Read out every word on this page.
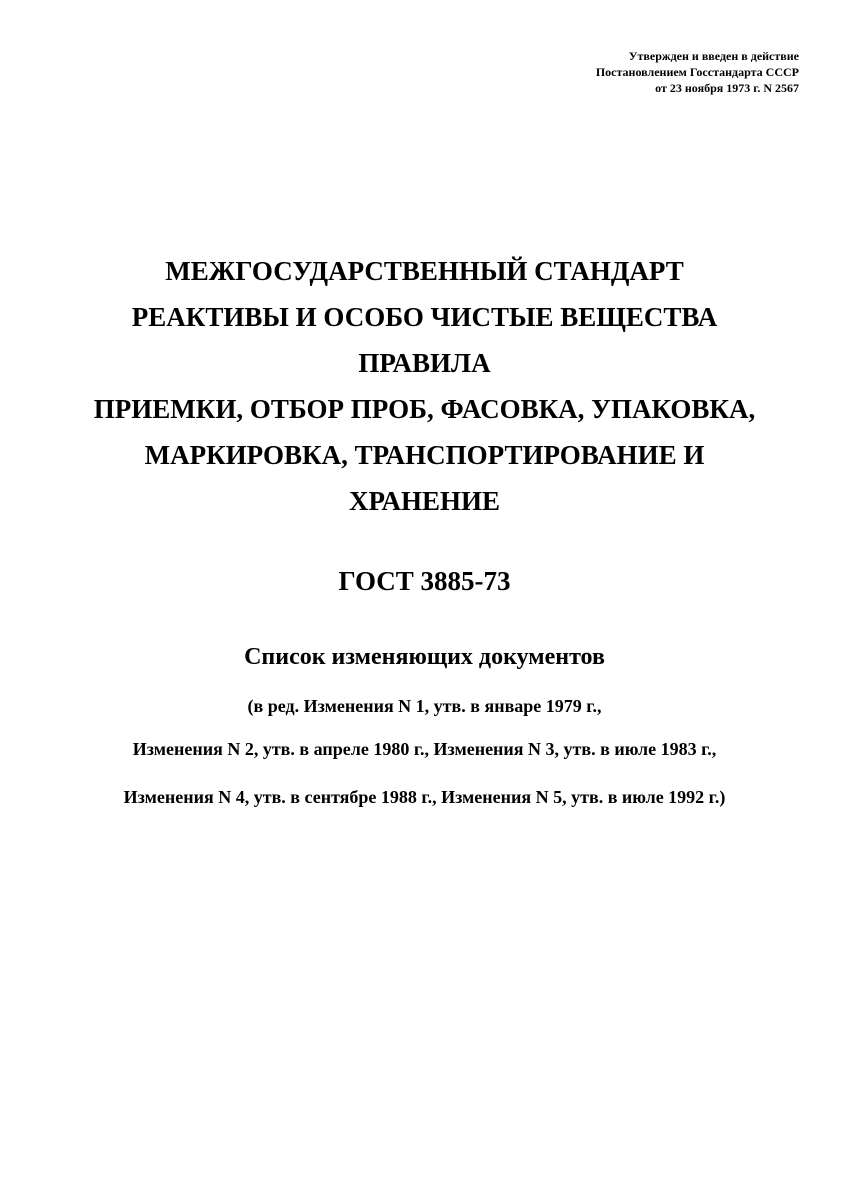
Утвержден и введен в действие
Постановлением Госстандарта СССР
от 23 ноября 1973 г. N 2567
МЕЖГОСУДАРСТВЕННЫЙ СТАНДАРТ
РЕАКТИВЫ И ОСОБО ЧИСТЫЕ ВЕЩЕСТВА
ПРАВИЛА
ПРИЕМКИ, ОТБОР ПРОБ, ФАСОВКА, УПАКОВКА,
МАРКИРОВКА, ТРАНСПОРТИРОВАНИЕ И
ХРАНЕНИЕ
ГОСТ 3885-73
Список изменяющих документов
(в ред. Изменения N 1, утв. в январе 1979 г.,
Изменения N 2, утв. в апреле 1980 г., Изменения N 3, утв. в июле 1983 г.,
Изменения N 4, утв. в сентябре 1988 г., Изменения N 5, утв. в июле 1992 г.)
